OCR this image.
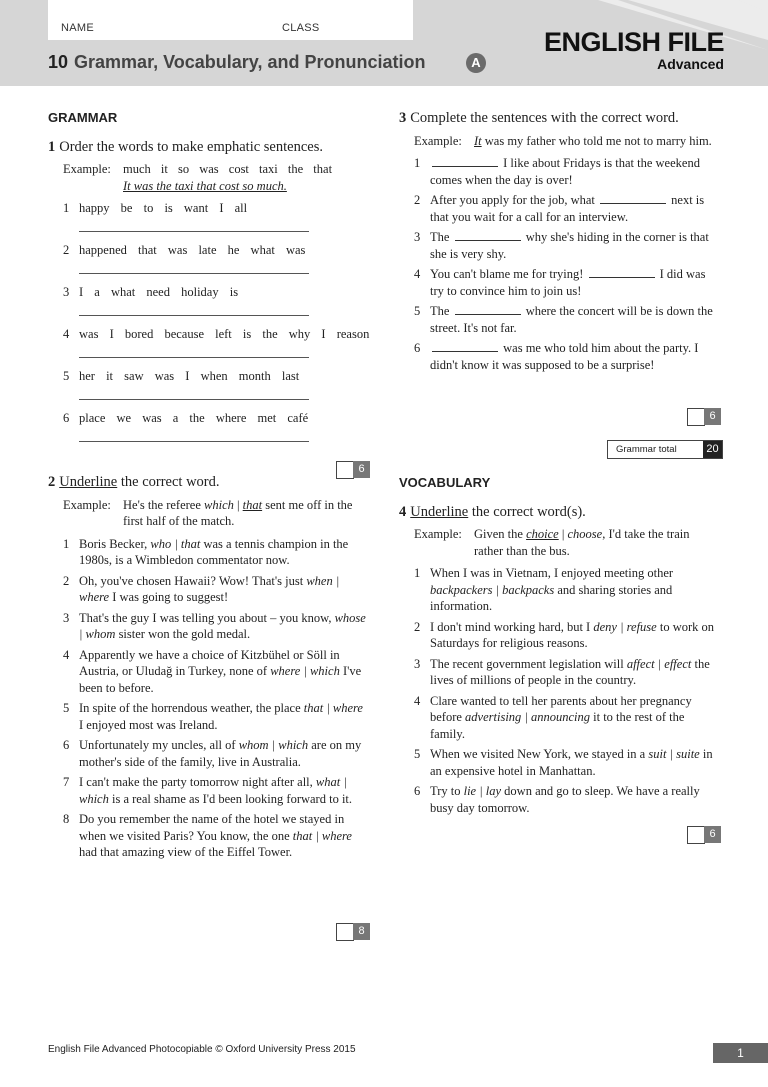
NAME	CLASS
10 Grammar, Vocabulary, and Pronunciation	A
ENGLISH FILE
Advanced

GRAMMAR

1 Order the words to make emphatic sentences.

Example: much it so was cost taxi the that
It was the taxi that cost so much.
1 happy be to is want I all

2 happened that was late he what was

3 I a what need holiday is

4 was I bored because left is the why I reason

5 her it saw was I when month last

6 place we was a the where met café

2 Underline the correct word.

Example: He's the referee which | that sent me off in the first half of the match.
1 Boris Becker, who | that was a tennis champion in the 1980s, is a Wimbledon commentator now.
2 Oh, you've chosen Hawaii? Wow! That's just when | where I was going to suggest!
3 That's the guy I was telling you about – you know, whose | whom sister won the gold medal.
4 Apparently we have a choice of Kitzbühel or Söll in Austria, or Uludağ in Turkey, none of where | which I've been to before.
5 In spite of the horrendous weather, the place that | where I enjoyed most was Ireland.
6 Unfortunately my uncles, all of whom | which are on my mother's side of the family, live in Australia.
7 I can't make the party tomorrow night after all, what | which is a real shame as I'd been looking forward to it.
8 Do you remember the name of the hotel we stayed in when we visited Paris? You know, the one that | where had that amazing view of the Eiffel Tower.
6
8

3 Complete the sentences with the correct word.

Example: It was my father who told me not to marry him.
1	I like about Fridays is that the weekend comes when the day is over!
2 After you apply for the job, what	next is that you wait for a call for an interview.
3 The	why she's hiding in the corner is that she is very shy.
4 You can't blame me for trying!	I did was try to convince him to join us!
5 The	where the concert will be is down the street. It's not far.
6	was me who told him about the party. I didn't know it was supposed to be a surprise!
6
Grammar total	20

VOCABULARY

4 Underline the correct word(s).

Example: Given the choice | choose, I'd take the train rather than the bus.
1 When I was in Vietnam, I enjoyed meeting other backpackers | backpacks and sharing stories and information.
2 I don't mind working hard, but I deny | refuse to work on Saturdays for religious reasons.
3 The recent government legislation will affect | effect the lives of millions of people in the country.
4 Clare wanted to tell her parents about her pregnancy before advertising | announcing it to the rest of the family.
5 When we visited New York, we stayed in a suit | suite in an expensive hotel in Manhattan.
6 Try to lie | lay down and go to sleep. We have a really busy day tomorrow.
6
English File Advanced Photocopiable © Oxford University Press 2015	1
